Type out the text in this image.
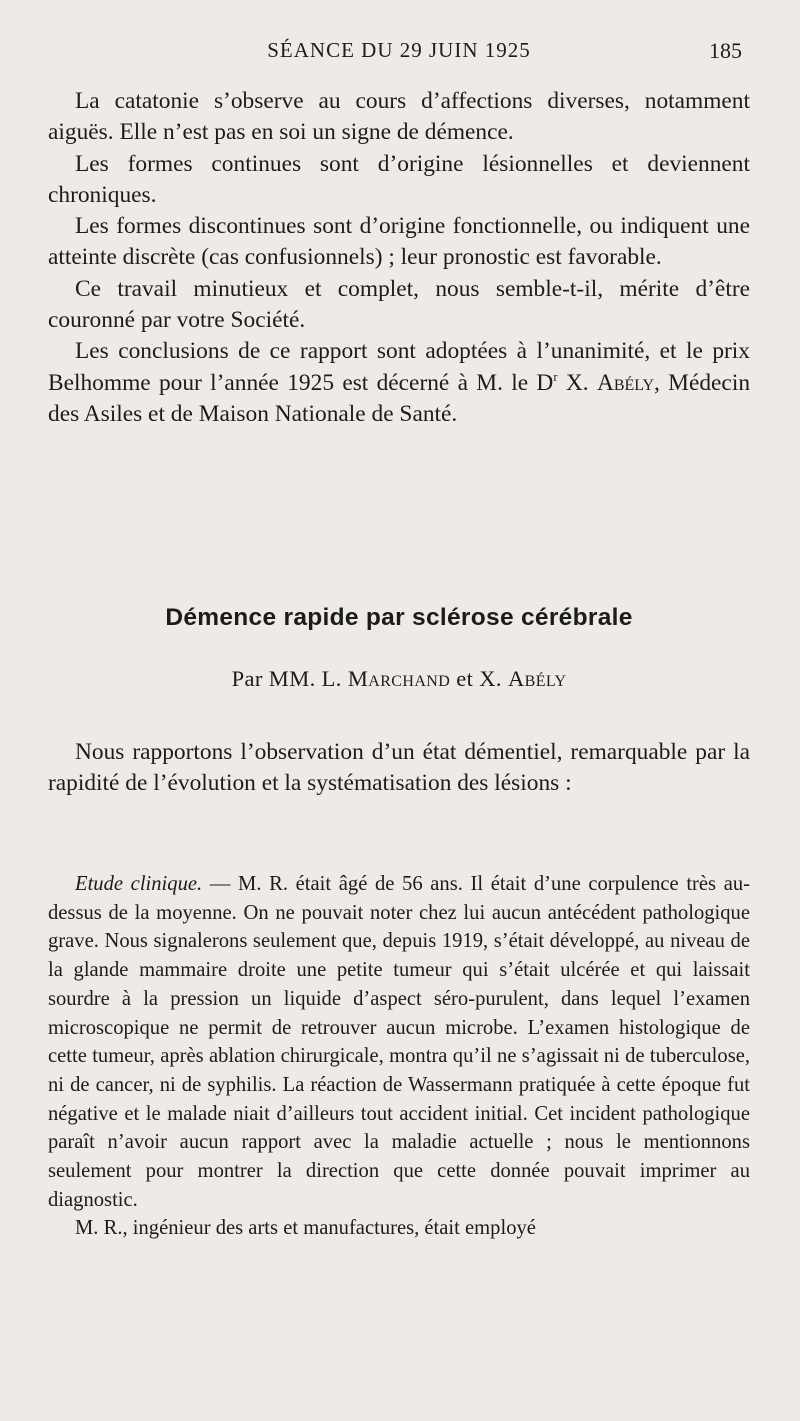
SÉANCE DU 29 JUIN 1925	185

La catatonie s’observe au cours d’affections diverses, notamment aiguës. Elle n’est pas en soi un signe de démence.

Les formes continues sont d’origine lésionnelles et deviennent chroniques.

Les formes discontinues sont d’origine fonctionnelle, ou indiquent une atteinte discrète (cas confusionnels) ; leur pronostic est favorable.

Ce travail minutieux et complet, nous semble-t-il, mérite d’être couronné par votre Société.

Les conclusions de ce rapport sont adoptées à l’unanimité, et le prix Belhomme pour l’année 1925 est décerné à M. le $D^r$ X. Abély, Médecin des Asiles et de Maison Nationale de Santé.

Démence rapide par sclérose cérébrale
Par MM. L. Marchand et X. Abély

Nous rapportons l’observation d’un état démentiel, remarquable par la rapidité de l’évolution et la systématisation des lésions :

Etude clinique. — M. R. était âgé de 56 ans. Il était d’une corpulence très au-dessus de la moyenne. On ne pouvait noter chez lui aucun antécédent pathologique grave. Nous signalerons seulement que, depuis 1919, s’était développé, au niveau de la glande mammaire droite une petite tumeur qui s’était ulcérée et qui laissait sourdre à la pression un liquide d’aspect séro-purulent, dans lequel l’examen microscopique ne permit de retrouver aucun microbe. L’examen histologique de cette tumeur, après ablation chirurgicale, montra qu’il ne s’agissait ni de tuberculose, ni de cancer, ni de syphilis. La réaction de Wassermann pratiquée à cette époque fut négative et le malade niait d’ailleurs tout accident initial. Cet incident pathologique paraît n’avoir aucun rapport avec la maladie actuelle ; nous le mentionnons seulement pour montrer la direction que cette donnée pouvait imprimer au diagnostic.

M. R., ingénieur des arts et manufactures, était employé
